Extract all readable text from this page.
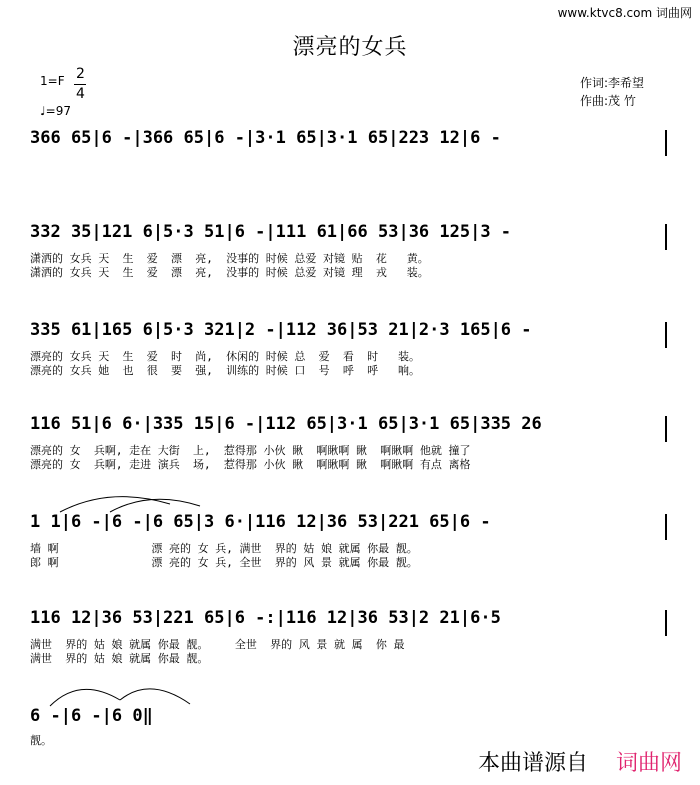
www.ktvc8.com 词曲网
漂亮的女兵
1=F 2
4
♩=97
作词:李希望
作曲:茂 竹
366 65|6 -|366 65|6 -|3·1 65|3·1 65|223 12|6 -
332 35|121 6|5·3 51|6 -|111 61|66 53|36 125|3 -
潇洒的 女兵 天  生  爱  漂  亮,  没事的 时候 总爱 对镜 贴  花   黄。
潇洒的 女兵 天  生  爱  漂  亮,  没事的 时候 总爱 对镜 理  戎   装。
335 61|165 6|5·3 321|2 -|112 36|53 21|2·3 165|6 -
漂亮的 女兵 天  生  爱  时  尚,  休闲的 时候 总  爱  看  时   装。
漂亮的 女兵 她  也  很  要  强,  训练的 时候 口  号  呼  呼   响。
116 51|6 6·|335 15|6 -|112 65|3·1 65|3·1 65|335 26
漂亮的 女  兵啊, 走在 大街  上,  惹得那 小伙 瞅  啊瞅啊 瞅  啊瞅啊 他就 撞了
漂亮的 女  兵啊, 走进 演兵  场,  惹得那 小伙 瞅  啊瞅啊 瞅  啊瞅啊 有点 离格
1 1|6 -|6 -|6 65|3 6·|116 12|36 53|221 65|6 -
墙 啊              漂 亮的 女 兵, 满世  界的 姑 娘 就属 你最 靓。
郎 啊              漂 亮的 女 兵, 全世  界的 风 景 就属 你最 靓。
116 12|36 53|221 65|6 -:|116 12|36 53|2 21|6·5
满世  界的 姑 娘 就属 你最 靓。    全世  界的 风 景 就 属  你 最
满世  界的 姑 娘 就属 你最 靓。
6 -|6 -|6 0‖
靓。
本曲谱源自 词曲网
